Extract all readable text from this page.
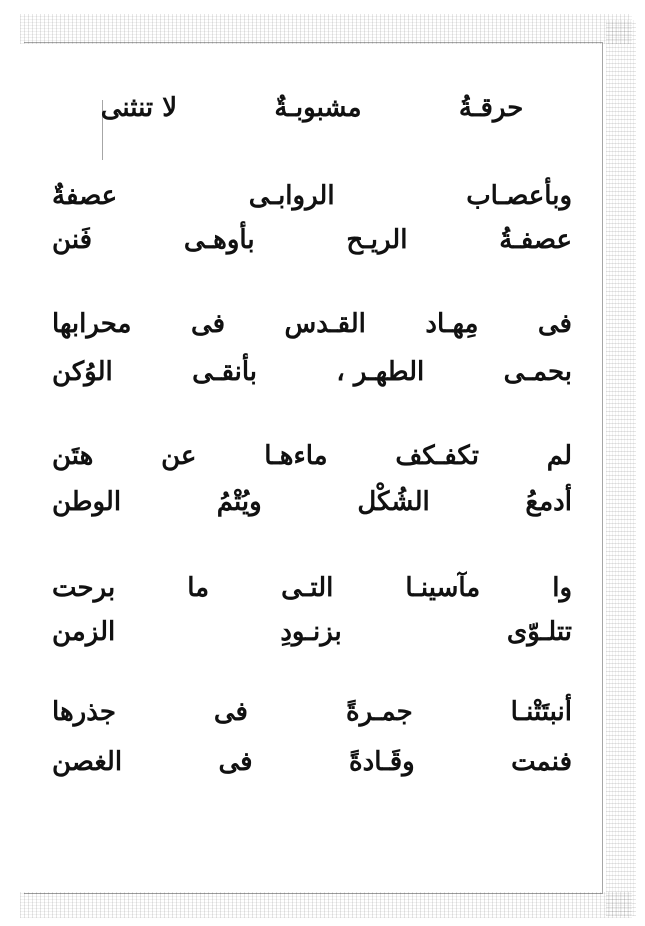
حرقـةُ
مشبوبـةٌ
لا تنثنى
وبأعصـاب
الروابـى
عصفةٌ
عصفـةُ
الريـح
بأوهـى
فَنن
فى
مِهـاد
القـدس
فى
محرابها
بحمـى
الطهـر ،
بأنقـى
الوُكن
لم
تكفـكف
ماءهـا
عن
هتَن
أدمعُ
الشُكْل
ويُتْمُ
الوطن
وا
مآسينـا
التـى
ما
برحت
تتلـوّى
بزنـودِ
الزمن
أنبتَتْنـا
جمـرةً
فى
جذرها
فنمت
وقَـادةً
فى
الغصن
